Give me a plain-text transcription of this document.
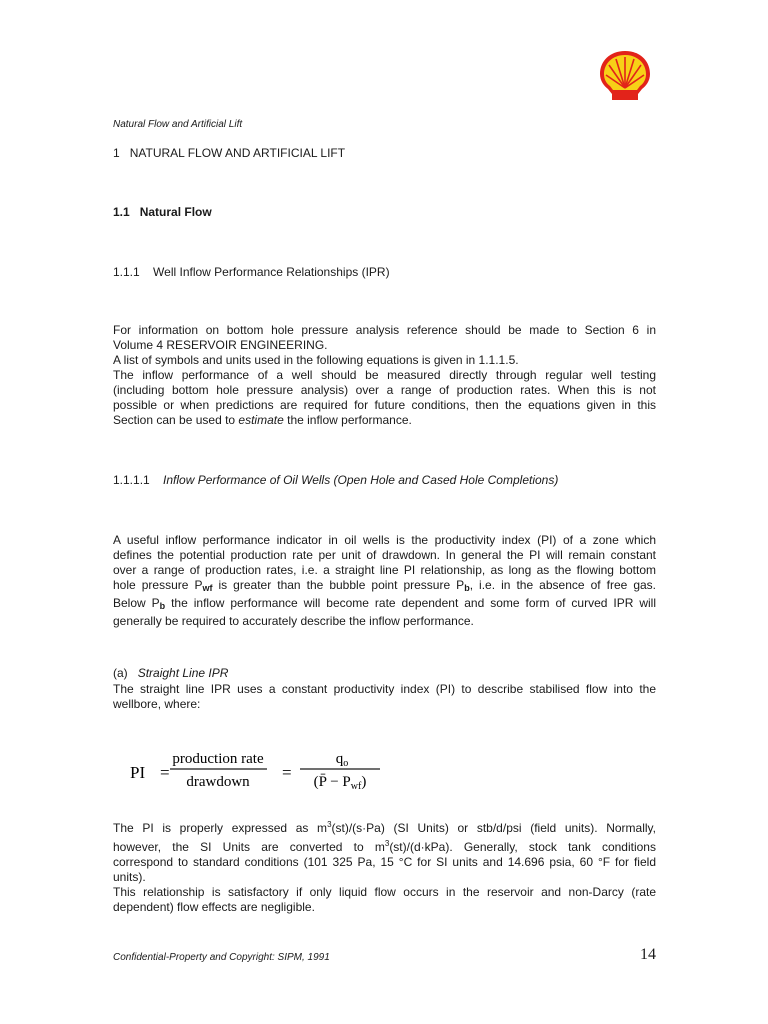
Natural Flow and Artificial Lift
1 NATURAL FLOW AND ARTIFICIAL LIFT
1.1 Natural Flow
1.1.1 Well Inflow Performance Relationships (IPR)
For information on bottom hole pressure analysis reference should be made to Section 6 in
Volume 4 RESERVOIR ENGINEERING.
A list of symbols and units used in the following equations is given in 1.1.1.5.
The inflow performance of a well should be measured directly through regular well testing
(including bottom hole pressure analysis) over a range of production rates. When this is not
possible or when predictions are required for future conditions, then the equations given in this
Section can be used to estimate the inflow performance.
1.1.1.1 Inflow Performance of Oil Wells (Open Hole and Cased Hole Completions)
A useful inflow performance indicator in oil wells is the productivity index (PI) of a zone which
defines the potential production rate per unit of drawdown. In general the PI will remain constant
over a range of production rates, i.e. a straight line PI relationship, as long as the flowing bottom
hole pressure $P_{wf}$ is greater than the bubble point pressure $P_b$, i.e. in the absence of free gas.
Below $P_b$ the inflow performance will become rate dependent and some form of curved IPR will
generally be required to accurately describe the inflow performance.
(a) Straight Line IPR
The straight line IPR uses a constant productivity index (PI) to describe stabilised flow into the
wellbore, where:
PI =
production rate
drawdown =
$q_o$
(P̄ − $P_{wf}$)
The PI is properly expressed as $m^3(st)/(s\cdot Pa)$ (SI Units) or stb/d/psi (field units). Normally,
however, the SI Units are converted to $m^3(st)/(d\cdot kPa)$. Generally, stock tank conditions
correspond to standard conditions (101 325 Pa, 15 °C for SI units and 14.696 psia, 60 °F for field
units).
This relationship is satisfactory if only liquid flow occurs in the reservoir and non-Darcy (rate
dependent) flow effects are negligible.
Confidential-Property and Copyright: SIPM, 1991	14
